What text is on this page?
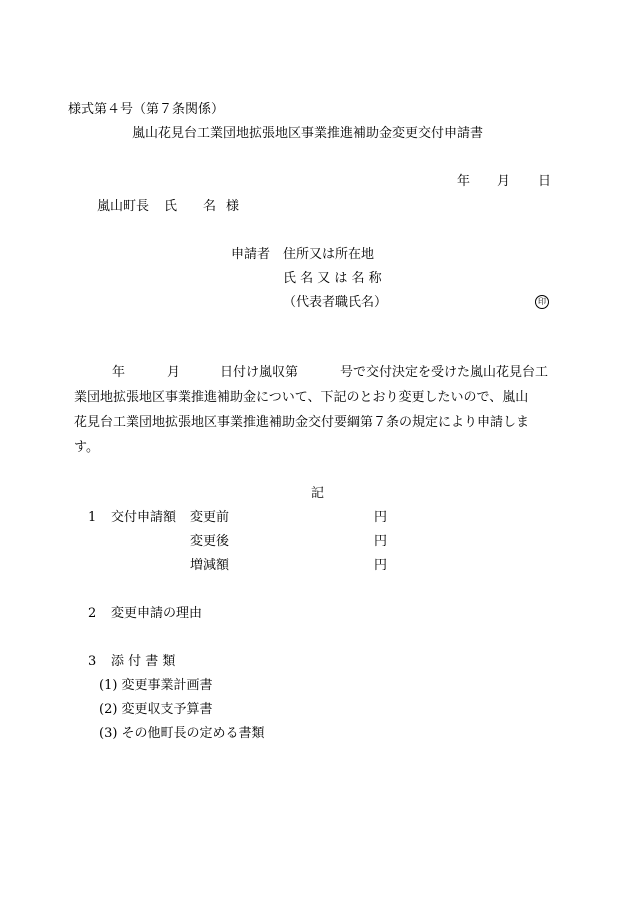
様式第４号（第７条関係）
嵐山花見台工業団地拡張地区事業推進補助金変更交付申請書
年 月 日
嵐山町長 氏　　名 様
申請者 住所又は所在地
氏 名 又 は 名 称
（代表者職氏名）	印
年	月	日付け嵐収第	号で交付決定を受けた嵐山花見台工
業団地拡張地区事業推進補助金について、下記のとおり変更したいので、嵐山
花見台工業団地拡張地区事業推進補助金交付要綱第７条の規定により申請しま
す。
記
1 交付申請額 変更前	円
変更後	円
増減額	円
2 変更申請の理由
3 添 付 書 類
(1) 変更事業計画書
(2) 変更収支予算書
(3) その他町長の定める書類
